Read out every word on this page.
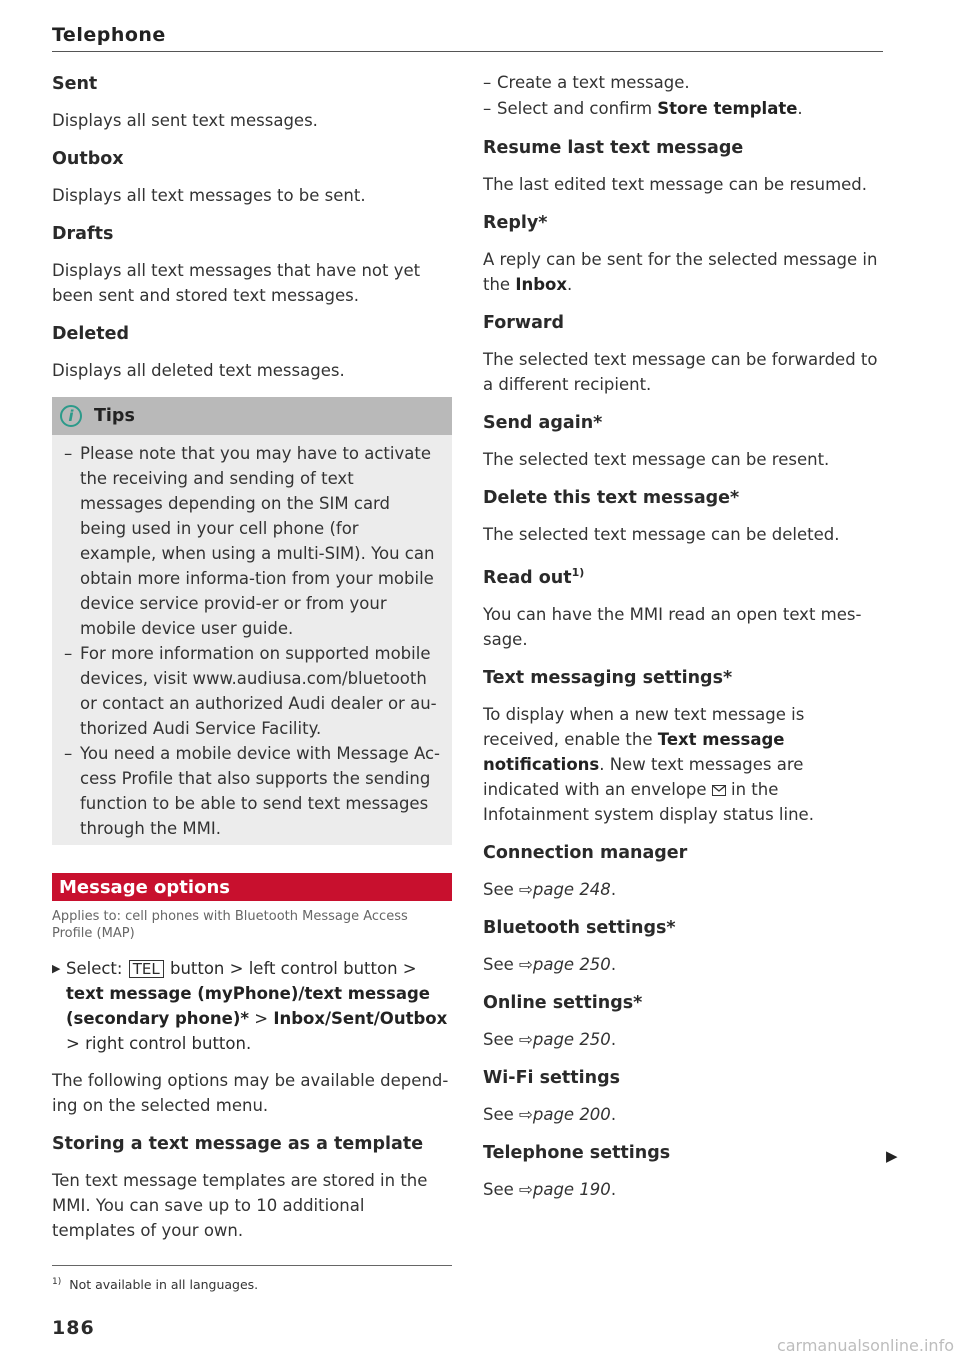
Telephone
Sent

Displays all sent text messages.

Outbox

Displays all text messages to be sent.

Drafts

Displays all text messages that have not yet been sent and stored text messages.

Deleted

Displays all deleted text messages.

i	Tips
– Please note that you may have to activate the receiving and sending of text messages depending on the SIM card being used in your cell phone (for example, when using a multi-SIM). You can obtain more informa-tion from your mobile device service provid-er or from your mobile device user guide.
– For more information on supported mobile devices, visit www.audiusa.com/bluetooth or contact an authorized Audi dealer or au-thorized Audi Service Facility.
– You need a mobile device with Message Ac-cess Profile that also supports the sending function to be able to send text messages through the MMI.
Message options
Applies to: cell phones with Bluetooth Message Access Profile (MAP)
▶ Select: TEL button > left control button > text message (myPhone)/text message (secondary phone)* > Inbox/Sent/Outbox > right control button.

The following options may be available depend-ing on the selected menu.

Storing a text message as a template

Ten text message templates are stored in the MMI. You can save up to 10 additional templates of your own.

– Create a text message.
– Select and confirm Store template.
Resume last text message

The last edited text message can be resumed.

Reply*

A reply can be sent for the selected message in the Inbox.

Forward

The selected text message can be forwarded to a different recipient.

Send again*

The selected text message can be resent.

Delete this text message*

The selected text message can be deleted.

Read out$^{1)}$

You can have the MMI read an open text mes-sage.

Text messaging settings*

To display when a new text message is received, enable the Text message notifications. New text messages are indicated with an envelope in the Infotainment system display status line.

Connection manager

See ⇨page 248.

Bluetooth settings*

See ⇨page 250.

Online settings*

See ⇨page 250.

Wi-Fi settings

See ⇨page 200.

Telephone settings

See ⇨page 190.

▶
$^{1)}$ Not available in all languages.
186
carmanualsonline.info
